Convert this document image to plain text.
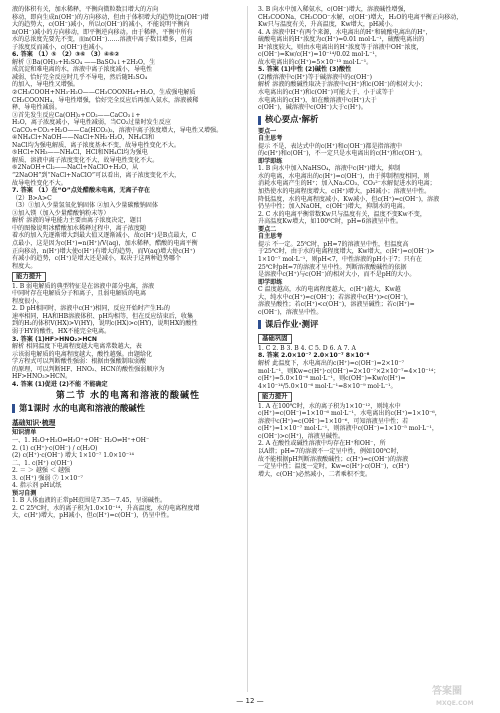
液的体积有关，加水稀释，平衡向微粒数目增大的方向

移动，即向生成n(OH⁻)的方向移动，但由于体积增大的趋势比n(OH⁻)增

大的趋势大，c(OH⁻)减小，所以c(OH⁻)的减小，不能说明平衡向

n(OH⁻)减小的方向移动，即平衡逆向移动。由于稀释，平衡中所有

水的总浓度先要先不变，而n(OH⁻)……溶液中离子数目增多，但离

子浓度反而减小，c(OH⁻)也减小。

6. 答案 （1）⑤ （2）③⑥ （3）④⑥②

解析 ①Ba(OH)₂+H₂SO₄ ——BaSO₄↓+2H₂O，生

成沉淀和难电离的水，溶液中离子浓度减小，导电性

减弱，恰好完全反应时几乎不导电，然后随H₂SO₄

的加入，导电性又增强。

②CH₃COOH+NH₃·H₂O——CH₃COONH₄+H₂O，生成强电解质

CH₃COONH₄，导电性增强，恰好完全反应后再加入氨水，溶液被稀

释，导电性减弱。

③首先发生反应Ca(OH)₂+CO₂——CaCO₃↓+

H₂O，离子浓度减小，导电性减弱，当CO₂过量时发生反应

CaCO₃+CO₂+H₂O——Ca(HCO₃)₂，溶液中离子浓度增大，导电性又增强。

④NH₄Cl+NaOH——NaCl+NH₃·H₂O，NH₄Cl和

NaCl均为强电解质，离子浓度基本不变，故导电性变化不大。

⑤HCl+NH₃——NH₄Cl，HCl和NH₄Cl均为强电

解质，溶液中离子浓度变化不大，故导电性变化不大。

⑥2NaOH+Cl₂——NaCl+NaClO+H₂O，从

“2NaOH”到“NaCl+NaClO”可以看出，离子浓度变化不大，

故导电性变化不大。

7. 答案 （1）在“O”点处醋酸未电离，无离子存在

（2）B>A>C

（3）①加入少量氢氧化钠固体 ②加入少量碳酸钠固体

③加入镁（加入少量醋酸钠粉末等）

解析 溶液的导电能力主要由离子浓度决定，题目

中的图像说明冰醋酸加水稀释过程中，离子浓度随

着水的加入先逐渐增大到最大值又逐渐减小，故c(H⁺)是B点最大，C

点最小，这是因为c(H⁺)=n(H⁺)/V(aq)，加水稀释，醋酸的电离平衡

正向移动，n(H⁺)增大使c(H⁺)有增大的趋势，而V(aq)增大使c(H⁺)

有减小的趋势，c(H⁺)是增大还是减小，取决于这两种趋势哪个

程度大。

能力提升

1. B 弱电解质的典型特征是在溶液中部分电离，溶液

中同时存在电解质分子和离子，且弱电解质的电离

程度很小。

2. D pH相同时，溶液中c(H⁺)相同，反应开始时产生H₂的

速率相同，HA和HB溶液体积、pH均相等，但在反应结束后，收集

到的H₂的体积V(HX)>V(HY)，说明c(HX)>c(HY)，说明HX的酸性

弱于HY的酸性，HX不能完全电离。

3. 答案 (1)HF>HNO₂>HCN

解析 相同温度下电离程度越大电离常数越大，表

示该弱电解质的电离程度越大，酸性越强。由题给化

学方程式可以判断酸性强弱：根据由强酸制取弱酸

的原理，可以判断HF、HNO₂、HCN的酸性强弱顺序为

HF>HNO₂>HCN。

4. 答案 (1)促进 (2)不能 不能确定

第二节 水的电离和溶液的酸碱性
第1课时 水的电离和溶液的酸碱性
基础知识·梳理

知识清单

一、1. H₂O+H₂O⇌H₃O⁺+OH⁻ H₂O⇌H⁺+OH⁻

2. (1) c(H⁺)·c(OH⁻) / c(H₂O)

(2) c(H⁺)·c(OH⁻) 增大 1×10⁻⁷ 1.0×10⁻¹⁴

二、1. c(H⁺) c(OH⁻)

2. ＝ ＞ 越强 ＜ 越强

3. c(H⁺) 强弱 ⑦ 1×10⁻⁷

4. 指示剂 pH试纸

预习自测

1. B 人体血液的正常pH范围是7.35～7.45，呈弱碱性。

2. C 25℃时，水的离子积为1.0×10⁻¹⁴，升高温度，水的电离程度增

大，c(H⁺)增大，pH减小，但c(H⁺)=c(OH⁻)，仍呈中性。

3. B 向水中加入稀氨水，c(OH⁻)增大，溶液碱性增强，

CH₃COONa、CH₃COO⁻水解，c(OH⁻)增大，H₂O的电离平衡正向移动，

Kw只与温度有关，升高温度，Kw增大，pH减小。

4. A 溶液中H⁺有两个来源，水电离出的H⁺和硫酸电离出的H⁺，

硫酸电离出的H⁺浓度为c(H⁺)=0.01 mol·L⁻¹，硫酸电离出的

H⁺浓度较大，则由水电离出的H⁺浓度等于溶液中OH⁻浓度，

c(OH⁻)=Kw/c(H⁺)=10⁻¹⁴/0.02 mol·L⁻¹，

故水电离出的c(H⁺)=5×10⁻¹³ mol·L⁻¹。

5. 答案 (1)中性 (2)碱性 (3)酸性

(2)酸溶液中c(H⁺)等于碱溶液中的c(OH⁻)

解析 溶液的酸碱性取决于溶液中c(H⁺)和c(OH⁻)的相对大小；

水电离出的c(H⁺)和c(OH⁻)可能大于、小于或等于

水电离出的c(H⁺)，如在酸溶液中c(H⁺)大于

c(OH⁻)，碱溶液中c(OH⁻)大于c(H⁺)。

核心要点·解析

要点一

自主思考

提示 不是，表达式中的c(H⁺)和c(OH⁻)都是指溶液中

的c(H⁺)和c(OH⁻)，不一定只是水电离出的c(H⁺)和c(OH⁻)。

即学即练

1. B 向水中加入NaHSO₄，溶液中c(H⁺)增大，抑制

水的电离，水电离出的c(H⁺)=c(OH⁻)，由于抑制程度相同，则

消耗水电离产生的H⁺；加入Na₂CO₃，CO₃²⁻水解促进水的电离；

加热使水的电离程度增大，c(H⁺)增大，pH减小；溶液呈中性。

降低温度，水的电离程度减小，Kw减小，但c(H⁺)=c(OH⁻)，溶液

仍呈中性；加入NaOH，c(OH⁻)增大，抑制水的电离。

2. C 水的电离平衡常数Kw只与温度有关，温度不变Kw不变，

升高温度Kw增大，如100℃时，pH=6溶液呈中性。

要点二

自主思考

提示 不一定。25℃时，pH=7的溶液呈中性，但温度高

于25℃时，由于水的电离程度增大，Kw增大，c(H⁺)=c(OH⁻)>

1×10⁻⁷ mol·L⁻¹，则pH<7，中性溶液的pH小于7；只有在

25℃时pH=7的溶液才呈中性。判断溶液酸碱性的依据

是溶液中c(H⁺)与c(OH⁻)的相对大小，而不是pH的大小。

即学即练

C 温度越高，水的电离程度越大，c(H⁺)越大，Kw越

大，纯水中c(H⁺)=c(OH⁻)；若溶液中c(H⁺)>c(OH⁻)，

溶液呈酸性；若c(H⁺)<c(OH⁻)，溶液呈碱性；若c(H⁺)=

c(OH⁻)，溶液呈中性。

课后作业·测评
基础巩固

1. C 2. B 3. B 4. C 5. D 6. A 7. A

8. 答案 2.0×10⁻⁷ 2.0×10⁻⁷ 8×10⁻⁸

解析 此温度下，水电离出的c(H⁺)=c(OH⁻)=2×10⁻⁷

mol·L⁻¹，则Kw=c(H⁺)·c(OH⁻)=2×10⁻⁷×2×10⁻⁷=4×10⁻¹⁴；

c(H⁺)=5.0×10⁻⁶ mol·L⁻¹，则c(OH⁻)=Kw/c(H⁺)=

4×10⁻¹⁴/5.0×10⁻⁶ mol·L⁻¹=8×10⁻⁹ mol·L⁻¹。

能力提升

1. A 在100℃时，水的离子积为1×10⁻¹²，则纯水中

c(H⁺)=c(OH⁻)=1×10⁻⁶ mol·L⁻¹，水电离出的c(H⁺)=1×10⁻⁶，

溶液中c(H⁺)=c(OH⁻)=1×10⁻⁶，可知溶液呈中性；若

c(H⁺)=1×10⁻⁷ mol·L⁻¹，则溶液中c(OH⁻)=1×10⁻⁵ mol·L⁻¹，

c(OH⁻)>c(H⁺)，溶液呈碱性。

2. A 在酸性或碱性溶液中均存在H⁺和OH⁻，所

以A错；pH=7的溶液不一定呈中性，例如100℃时，

故不能根据pH判断溶液酸碱性；c(H⁺)=c(OH⁻)的溶液

一定呈中性；温度一定时，Kw=c(H⁺)·c(OH⁻)，c(H⁺)

增大，c(OH⁻)必然减小，二者乘积不变。

— 12 —
答案圈
MXQE.COM
